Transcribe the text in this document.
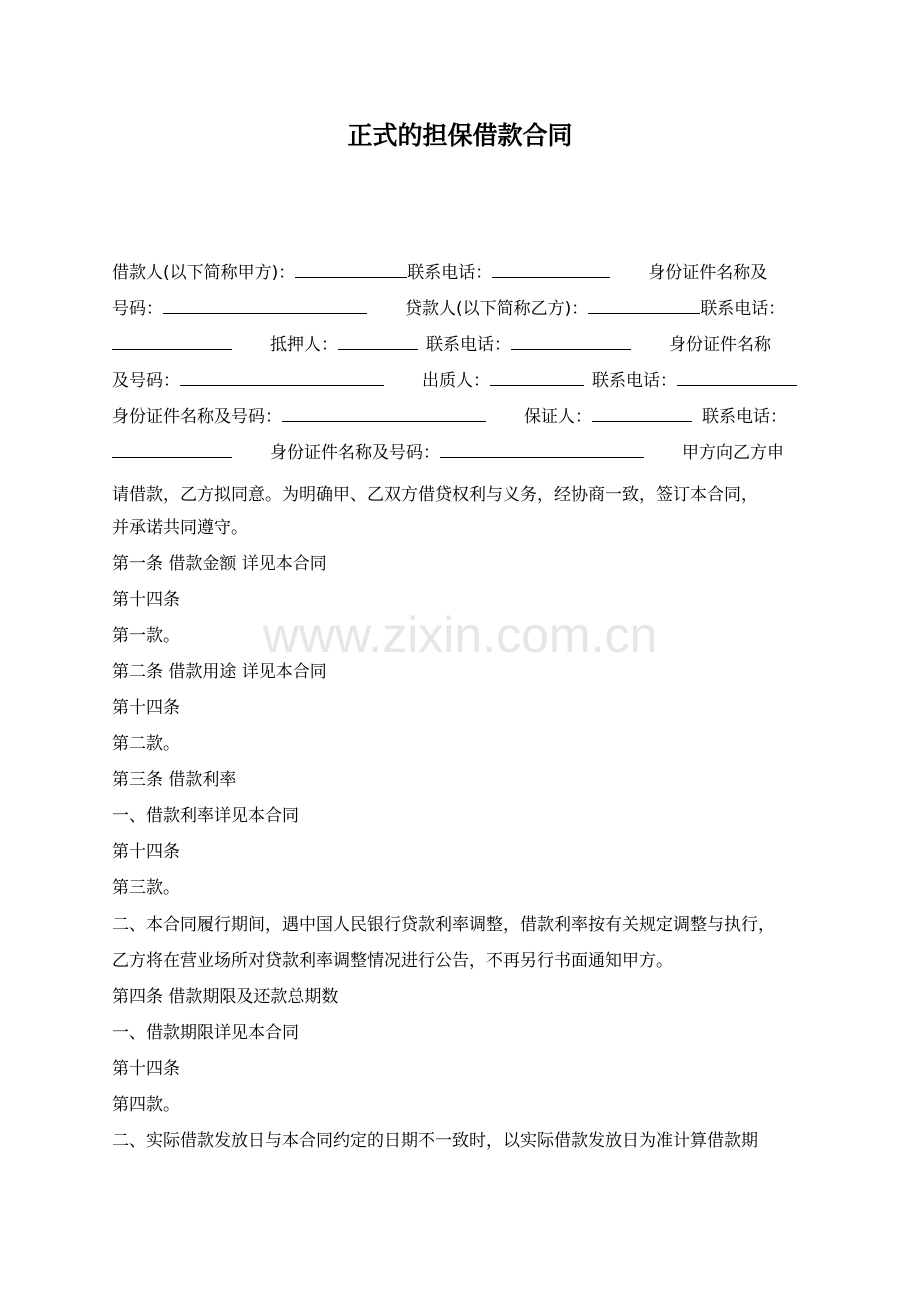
www.zixin.com.cn
正式的担保借款合同
借款人(以下简称甲方)：	联系电话：	身份证件名称及
号码：	贷款人(以下简称乙方)：	联系电话：
抵押人：	联系电话：	身份证件名称
及号码：	出质人：	联系电话：
身份证件名称及号码：	保证人：	联系电话：
身份证件名称及号码：	甲方向乙方申
请借款，乙方拟同意。为明确甲、乙双方借贷权利与义务，经协商一致，签订本合同，
并承诺共同遵守。
第一条 借款金额 详见本合同
第十四条
第一款。
第二条 借款用途 详见本合同
第十四条
第二款。
第三条 借款利率
一、借款利率详见本合同
第十四条
第三款。
二、本合同履行期间，遇中国人民银行贷款利率调整，借款利率按有关规定调整与执行，
乙方将在营业场所对贷款利率调整情况进行公告，不再另行书面通知甲方。
第四条 借款期限及还款总期数
一、借款期限详见本合同
第十四条
第四款。
二、实际借款发放日与本合同约定的日期不一致时，以实际借款发放日为准计算借款期
